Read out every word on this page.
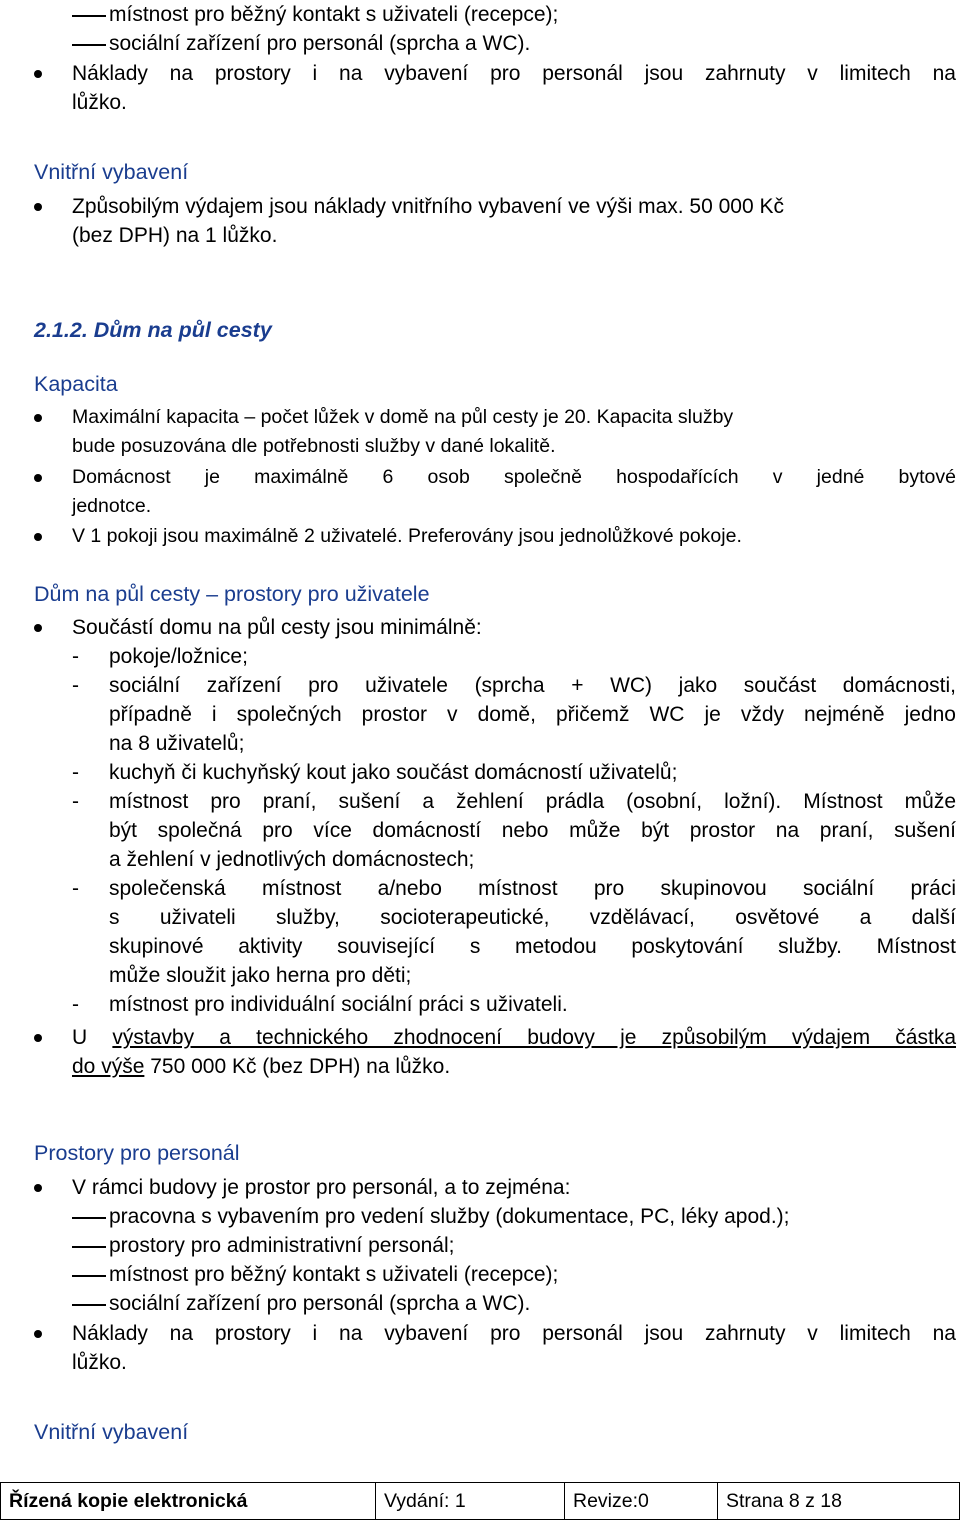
místnost pro běžný kontakt s uživateli (recepce);
sociální zařízení pro personál (sprcha a WC).
Náklady na prostory i na vybavení pro personál jsou zahrnuty v limitech na
lůžko.
Vnitřní vybavení
Způsobilým výdajem jsou náklady vnitřního vybavení ve výši max. 50 000 Kč
(bez DPH) na 1 lůžko.
2.1.2. Dům na půl cesty
Kapacita
Maximální kapacita – počet lůžek v domě na půl cesty je 20. Kapacita služby
bude posuzována dle potřebnosti služby v dané lokalitě.
Domácnost je maximálně 6 osob společně hospodařících v jedné bytové
jednotce.
V 1 pokoji jsou maximálně 2 uživatelé. Preferovány jsou jednolůžkové pokoje.
Dům na půl cesty – prostory pro uživatele
Součástí domu na půl cesty jsou minimálně:
- pokoje/ložnice;
- sociální zařízení pro uživatele (sprcha + WC) jako součást domácnosti,
případně i společných prostor v domě, přičemž WC je vždy nejméně jedno
na 8 uživatelů;
- kuchyň či kuchyňský kout jako součást domácností uživatelů;
- místnost pro praní, sušení a žehlení prádla (osobní, ložní). Místnost může
být společná pro více domácností nebo může být prostor na praní, sušení
a žehlení v jednotlivých domácnostech;
- společenská místnost a/nebo místnost pro skupinovou sociální práci
s uživateli služby, socioterapeutické, vzdělávací, osvětové a další
skupinové aktivity související s metodou poskytování služby. Místnost
může sloužit jako herna pro děti;
- místnost pro individuální sociální práci s uživateli.
U výstavby a technického zhodnocení budovy je způsobilým výdajem částka
do výše 750 000 Kč (bez DPH) na lůžko.
Prostory pro personál
V rámci budovy je prostor pro personál, a to zejména:
pracovna s vybavením pro vedení služby (dokumentace, PC, léky apod.);
prostory pro administrativní personál;
místnost pro běžný kontakt s uživateli (recepce);
sociální zařízení pro personál (sprcha a WC).
Náklady na prostory i na vybavení pro personál jsou zahrnuty v limitech na
lůžko.
Vnitřní vybavení
Řízená kopie elektronická	Vydání: 1	Revize:0	Strana 8 z 18
